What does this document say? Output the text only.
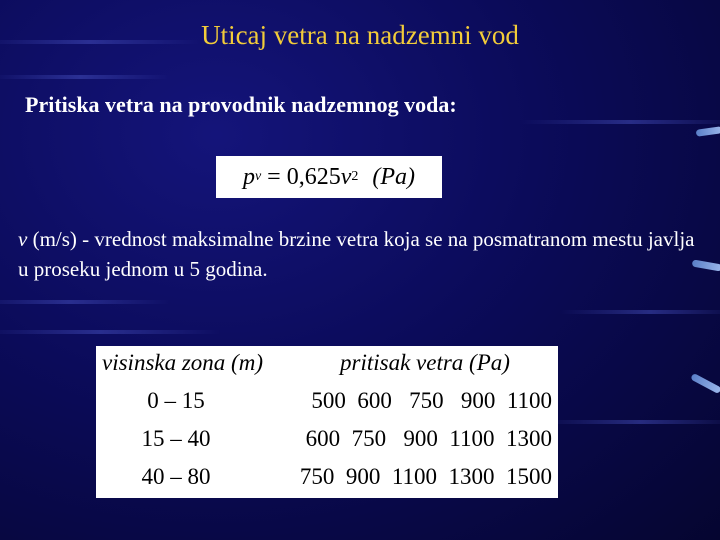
Uticaj vetra na nadzemni vod
Pritiska vetra na provodnik nadzemnog voda:
p v = 0,625 v 2 (Pa)
v (m/s) - vrednost maksimalne brzine vetra koja se na posmatranom mestu javlja u proseku jednom u 5 godina.
visinska zona (m)	pritisak vetra (Pa)
0 – 15	500  600   750   900  1100
15 – 40	600  750   900  1100  1300
40 – 80	750  900  1100  1300  1500
